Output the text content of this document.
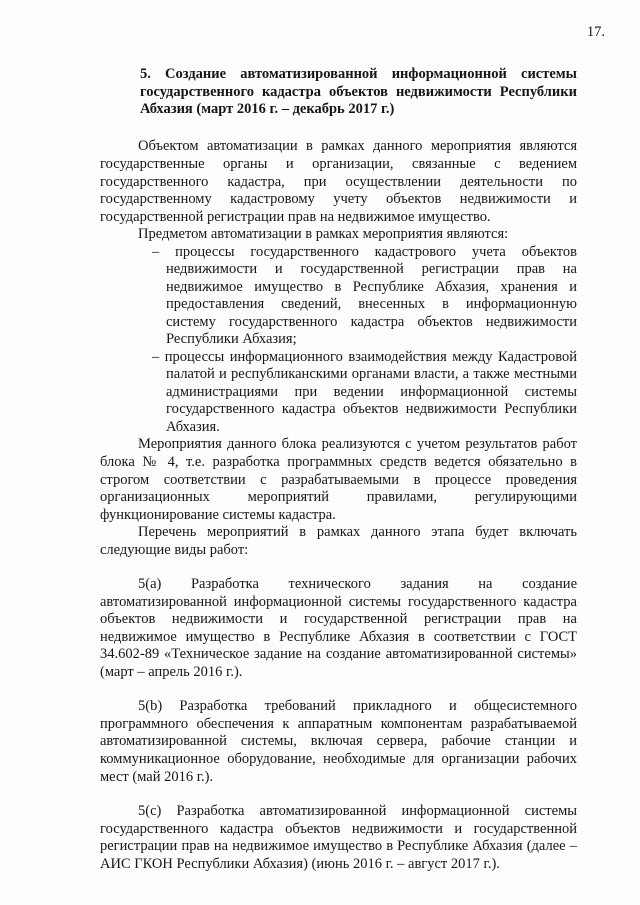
17.
5. Создание автоматизированной информационной системы государственного кадастра объектов недвижимости Республики Абхазия (март 2016 г. – декабрь 2017 г.)

Объектом автоматизации в рамках данного мероприятия являются государственные органы и организации, связанные с ведением государственного кадастра, при осуществлении деятельности по государственному кадастровому учету объектов недвижимости и государственной регистрации прав на недвижимое имущество.

Предметом автоматизации в рамках мероприятия являются:

– процессы государственного кадастрового учета объектов недвижимости и государственной регистрации прав на недвижимое имущество в Республике Абхазия, хранения и предоставления сведений, внесенных в информационную систему государственного кадастра объектов недвижимости Республики Абхазия;

– процессы информационного взаимодействия между Кадастровой палатой и республиканскими органами власти, а также местными администрациями при ведении информационной системы государственного кадастра объектов недвижимости Республики Абхазия.

Мероприятия данного блока реализуются с учетом результатов работ блока № 4, т.е. разработка программных средств ведется обязательно в строгом соответствии с разрабатываемыми в процессе проведения организационных мероприятий правилами, регулирующими функционирование системы кадастра.

Перечень мероприятий в рамках данного этапа будет включать следующие виды работ:

5(a) Разработка технического задания на создание автоматизированной информационной системы государственного кадастра объектов недвижимости и государственной регистрации прав на недвижимое имущество в Республике Абхазия в соответствии с ГОСТ 34.602-89 «Техническое задание на создание автоматизированной системы» (март – апрель 2016 г.).

5(b) Разработка требований прикладного и общесистемного программного обеспечения к аппаратным компонентам разрабатываемой автоматизированной системы, включая сервера, рабочие станции и коммуникационное оборудование, необходимые для организации рабочих мест (май 2016 г.).

5(c) Разработка автоматизированной информационной системы государственного кадастра объектов недвижимости и государственной регистрации прав на недвижимое имущество в Республике Абхазия (далее – АИС ГКОН Республики Абхазия) (июнь 2016 г. – август 2017 г.).
